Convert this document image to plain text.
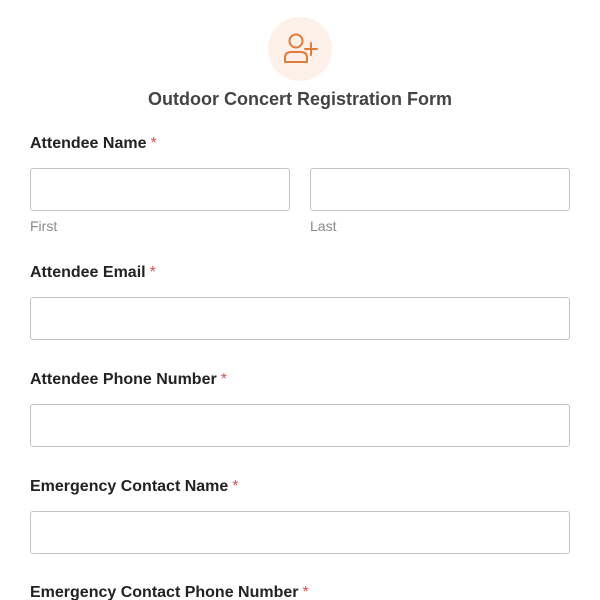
Outdoor Concert Registration Form
Attendee Name *
First	Last
Attendee Email *
Attendee Phone Number *
Emergency Contact Name *
Emergency Contact Phone Number *
